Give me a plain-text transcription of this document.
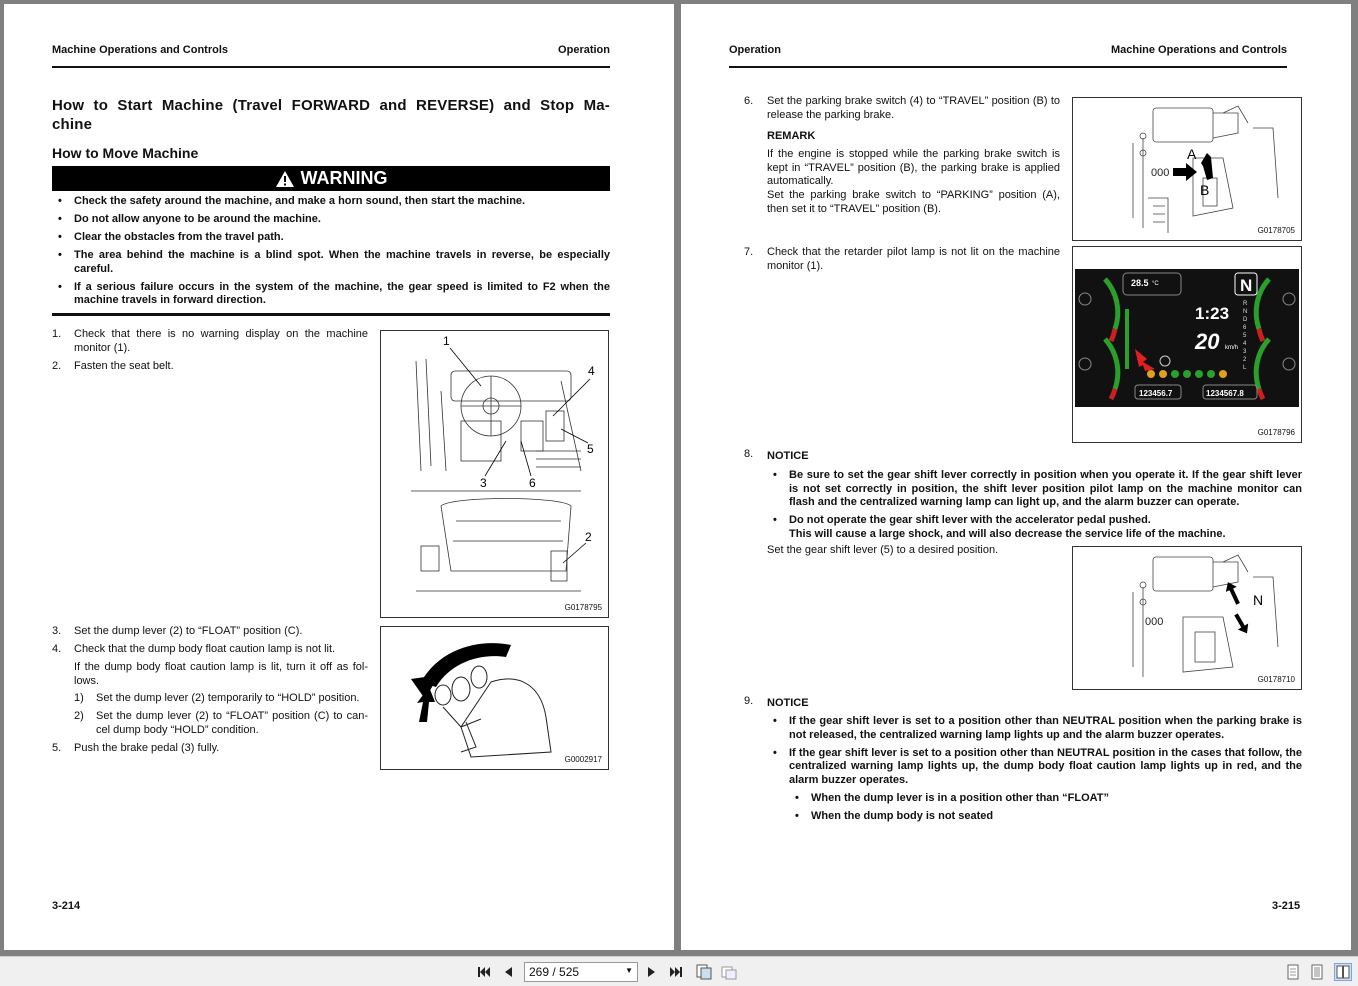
Machine Operations and Controls	Operation
How to Start Machine (Travel FORWARD and REVERSE) and Stop Ma-
chine
How to Move Machine
WARNING
• Check the safety around the machine, and make a horn sound, then start the machine.
• Do not allow anyone to be around the machine.
• Clear the obstacles from the travel path.
• The area behind the machine is a blind spot. When the machine travels in reverse, be especially careful.
• If a serious failure occurs in the system of the machine, the gear speed is limited to F2 when the machine travels in forward direction.
1. Check that there is no warning display on the machine monitor (1).
2. Fasten the seat belt.
1
4
5
3	6
2
G0178795
3. Set the dump lever (2) to “FLOAT” position (C).
4. Check that the dump body float caution lamp is not lit.
If the dump body float caution lamp is lit, turn it off as fol-lows.
1) Set the dump lever (2) temporarily to “HOLD” position.
2) Set the dump lever (2) to “FLOAT” position (C) to can-cel dump body “HOLD” condition.
5. Push the brake pedal (3) fully.
C
G0002917
3-214
Operation	Machine Operations and Controls
6. Set the parking brake switch (4) to “TRAVEL” position (B) to release the parking brake.
REMARK
If the engine is stopped while the parking brake switch is kept in “TRAVEL” position (B), the parking brake is applied automatically.
Set the parking brake switch to “PARKING” position (A), then set it to “TRAVEL” position (B).
000
A
B
G0178705
7. Check that the retarder pilot lamp is not lit on the machine monitor (1).
28.5 °C
1:23
20 km/h
123456.7	1234567.8
N
R
N
D
6
5
4
3
2
L
G0178796
8. NOTICE
• Be sure to set the gear shift lever correctly in position when you operate it. If the gear shift lever is not set correctly in position, the shift lever position pilot lamp on the machine monitor can flash and the centralized warning lamp can light up, and the alarm buzzer can operate.
• Do not operate the gear shift lever with the accelerator pedal pushed.
This will cause a large shock, and will also decrease the service life of the machine.
Set the gear shift lever (5) to a desired position.
000
N
G0178710
9. NOTICE
• If the gear shift lever is set to a position other than NEUTRAL position when the parking brake is not released, the centralized warning lamp lights up and the alarm buzzer operates.
• If the gear shift lever is set to a position other than NEUTRAL position in the cases that follow, the centralized warning lamp lights up, the dump body float caution lamp lights up in red, and the alarm buzzer operates.
• When the dump lever is in a position other than “FLOAT”
• When the dump body is not seated
3-215
269 / 525	▼
